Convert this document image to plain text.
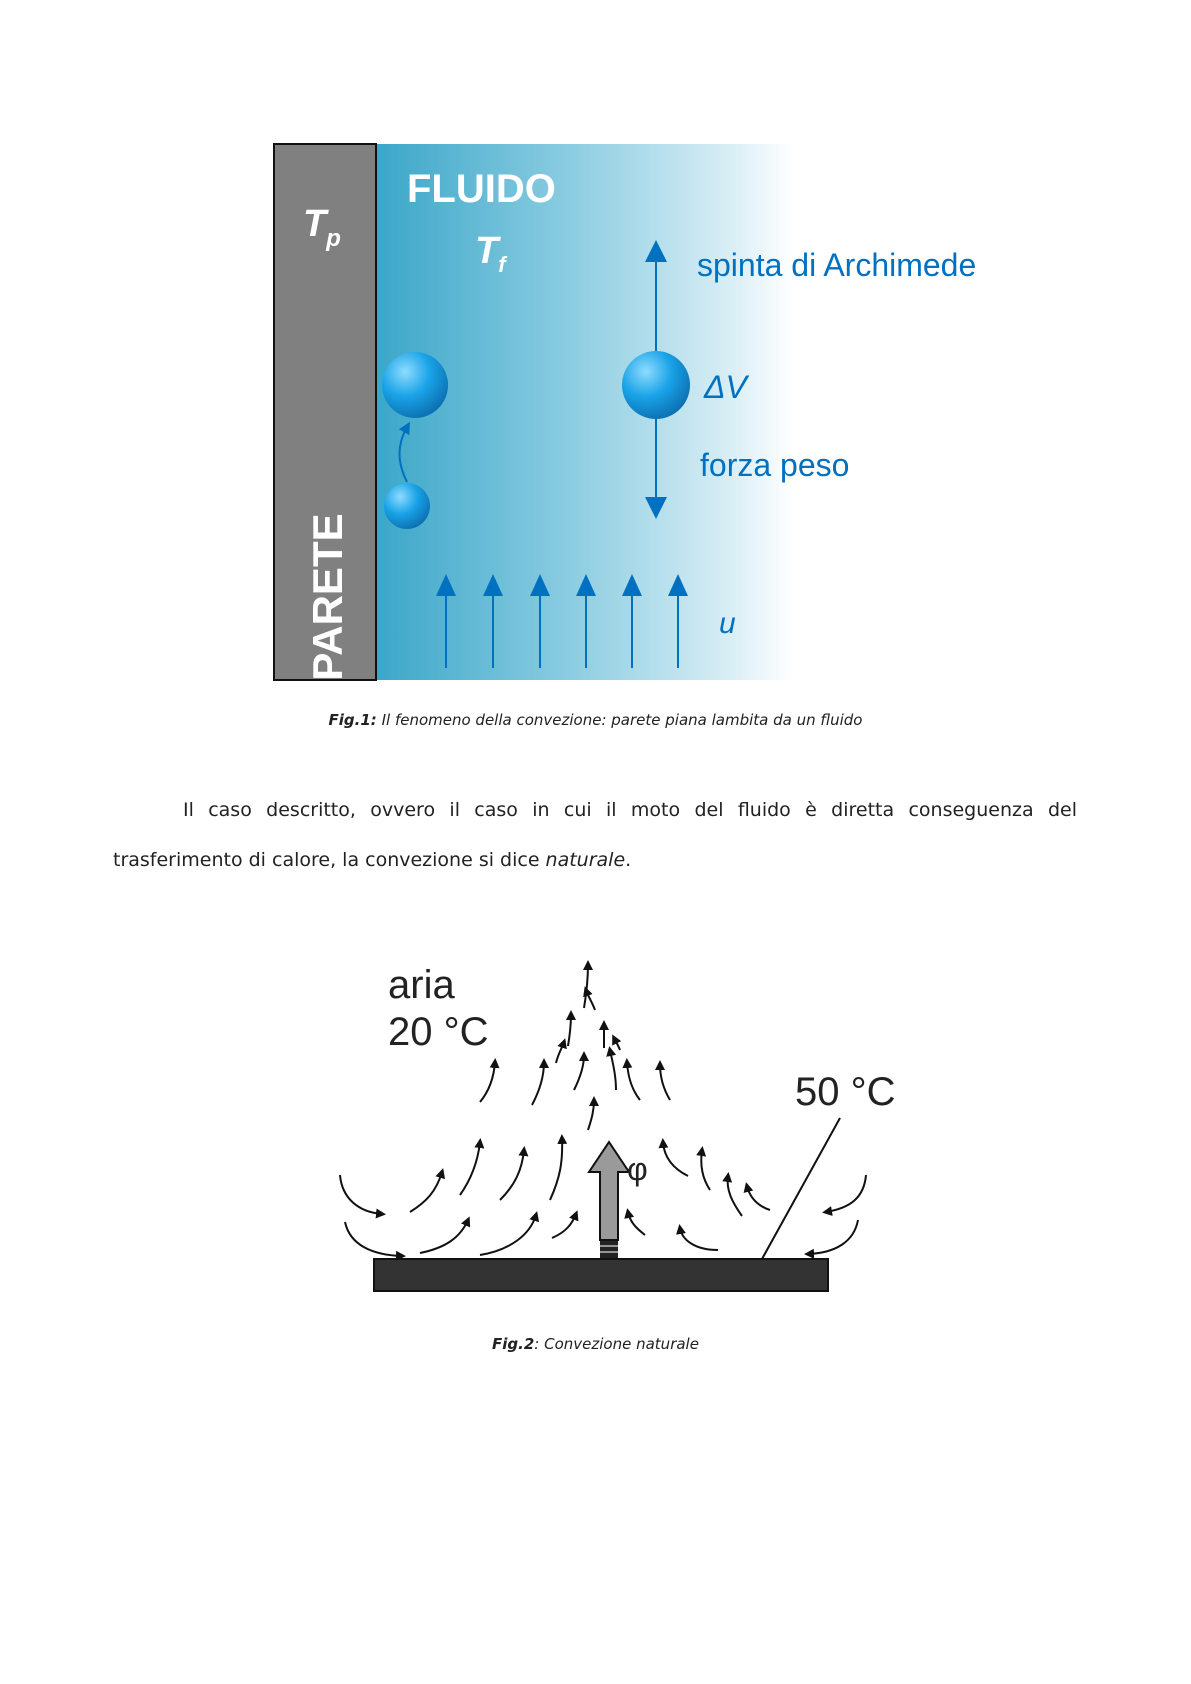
$T_p$
PARETE
FLUIDO
$T_f$	spinta di Archimede
ΔV
forza peso
u
Fig.1: Il fenomeno della convezione: parete piana lambita da un fluido
Il caso descritto, ovvero il caso in cui il moto del fluido è diretta conseguenza del
trasferimento di calore, la convezione si dice naturale.
aria
20 °C
50 °C
φ
Fig.2: Convezione naturale
